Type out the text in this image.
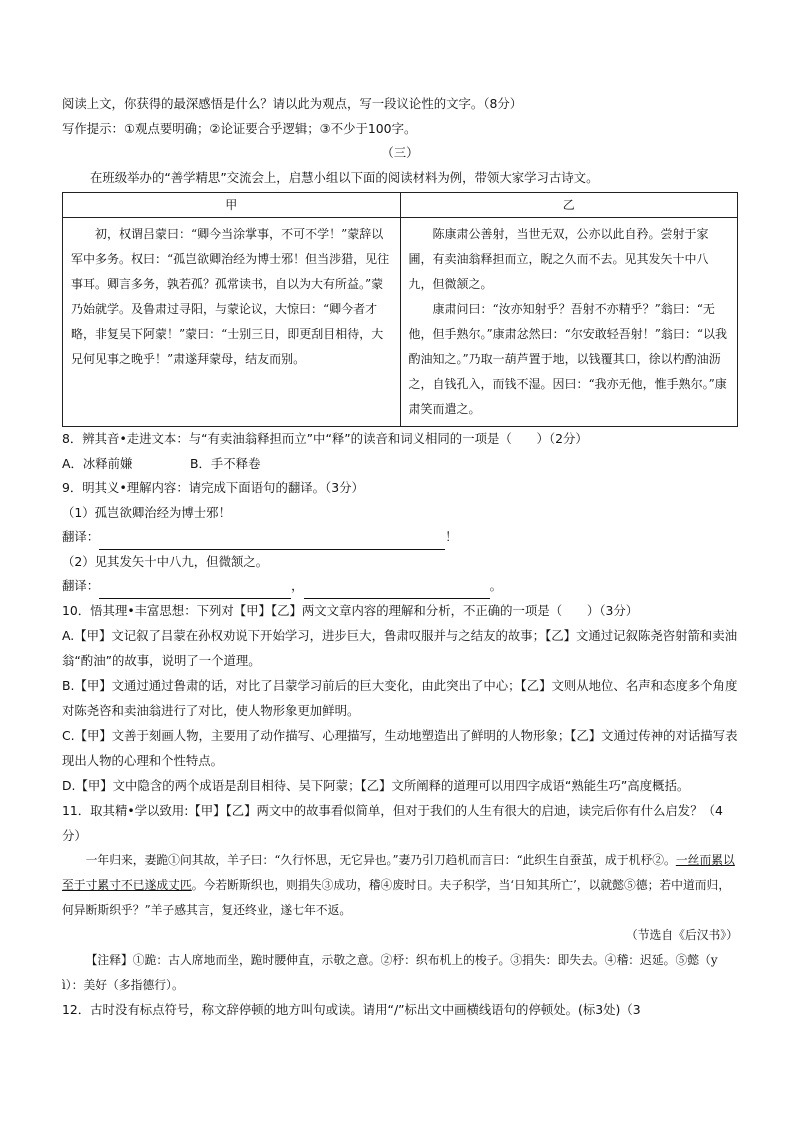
阅读上文，你获得的最深感悟是什么？请以此为观点，写一段议论性的文字。（8分）
写作提示：①观点要明确；②论证要合乎逻辑；③不少于100字。
（三）
在班级举办的“善学精思”交流会上，启慧小组以下面的阅读材料为例，带领大家学习古诗文。
甲	乙

初，权谓吕蒙曰：“卿今当涂掌事，不可不学！”蒙辞以军中多务。权曰：“孤岂欲卿治经为博士邪！但当涉猎，见往事耳。卿言多务，孰若孤？孤常读书，自以为大有所益。”蒙乃始就学。及鲁肃过寻阳，与蒙论议，大惊曰：“卿今者才略，非复吴下阿蒙！”蒙曰：“士别三日，即更刮目相待，大兄何见事之晚乎！”肃遂拜蒙母，结友而别。	陈康肃公善射，当世无双，公亦以此自矜。尝射于家圃，有卖油翁释担而立，睨之久而不去。见其发矢十中八九，但微颔之。
康肃问曰：“汝亦知射乎？吾射不亦精乎？”翁曰：“无他，但手熟尔。”康肃忿然曰：“尔安敢轻吾射！”翁曰：“以我酌油知之。”乃取一葫芦置于地，以钱覆其口，徐以杓酌油沥之，自钱孔入，而钱不湿。因曰：“我亦无他，惟手熟尔。”康肃笑而遣之。
8．辨其音•走进文本：与“有卖油翁释担而立”中“释”的读音和词义相同的一项是（　　）（2分）
A．冰释前嫌	B．手不释卷
9．明其义•理解内容：请完成下面语句的翻译。（3分）
（1）孤岂欲卿治经为博士邪！
翻译：	！
（2）见其发矢十中八九，但微颔之。
翻译：	，	。
10．悟其理•丰富思想：下列对【甲】【乙】两文文章内容的理解和分析，不正确的一项是（　　）（3分）
A.【甲】文记叙了吕蒙在孙权劝说下开始学习，进步巨大，鲁肃叹服并与之结友的故事；【乙】文通过记叙陈尧咨射箭和卖油翁“酌油”的故事，说明了一个道理。
B.【甲】文通过通过鲁肃的话，对比了吕蒙学习前后的巨大变化，由此突出了中心；【乙】文则从地位、名声和态度多个角度对陈尧咨和卖油翁进行了对比，使人物形象更加鲜明。
C.【甲】文善于刻画人物，主要用了动作描写、心理描写，生动地塑造出了鲜明的人物形象；【乙】文通过传神的对话描写表现出人物的心理和个性特点。
D.【甲】文中隐含的两个成语是刮目相待、吴下阿蒙；【乙】文所阐释的道理可以用四字成语“熟能生巧”高度概括。
11．取其精•学以致用:【甲】【乙】两文中的故事看似简单，但对于我们的人生有很大的启迪，读完后你有什么启发？（4分）
一年归来，妻跪①问其故，羊子曰：“久行怀思，无它异也。”妻乃引刀趋机而言曰：“此织生自蚕茧，成于机杼②。一丝而累以至于寸累寸不已遂成丈匹。今若断斯织也，则捐失③成功，稽④废时日。夫子积学，当‘日知其所亡’，以就懿⑤德；若中道而归，何异断斯织乎？”羊子感其言，复还终业，遂七年不返。
（节选自《后汉书》）
【注释】①跪：古人席地而坐，跪时腰伸直，示敬之意。②杼：织布机上的梭子。③捐失：即失去。④稽：迟延。⑤懿（yì）：美好（多指德行）。
12．古时没有标点符号，称文辞停顿的地方叫句或读。请用“/”标出文中画横线语句的停顿处。(标3处)（3
